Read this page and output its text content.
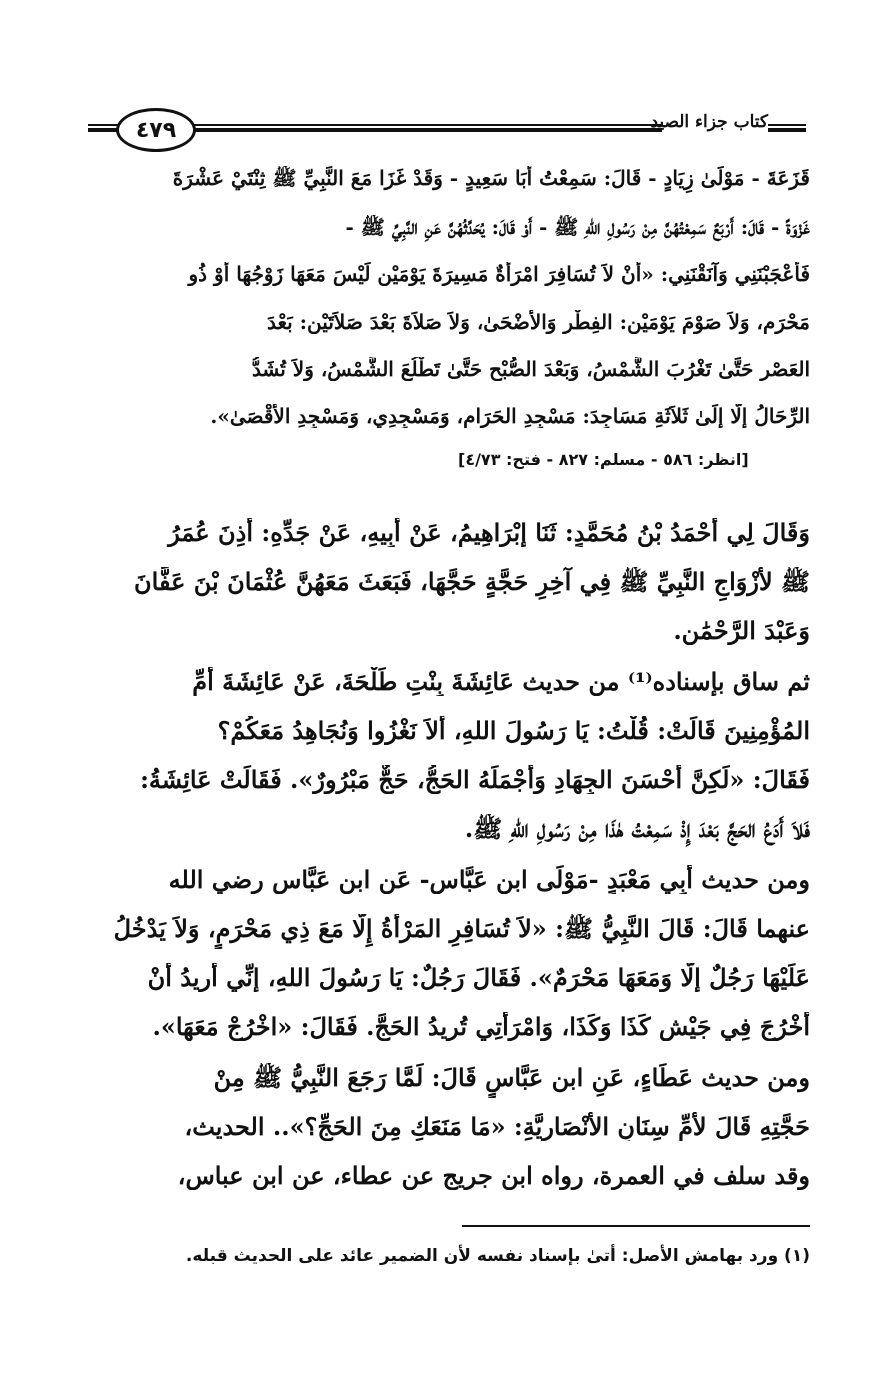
٤٧٩	كتاب جزاء الصيد
قَزَعَةَ - مَوْلَىٰ زِيَادٍ - قَالَ: سَمِعْتُ أَبَا سَعِيدٍ - وَقَدْ غَزَا مَعَ النَّبِيِّ ﷺ ثِنْتَيْ عَشْرَةَ
غَزْوَةً - قَالَ: أَرْبَعٌ سَمِعْتُهُنَّ مِنْ رَسُولِ اللهِ ﷺ - أَوْ قَالَ: يُحَدِّثُهُنَّ عَنِ النَّبِيِّ ﷺ -
فَأَعْجَبْنَنِي وَآنَقْنَنِي: «أَنْ لاَ تُسَافِرَ امْرَأَةٌ مَسِيرَةَ يَوْمَيْنِ لَيْسَ مَعَهَا زَوْجُهَا أَوْ ذُو
مَحْرَمٍ، وَلاَ صَوْمَ يَوْمَيْنِ: الفِطْرِ وَالأَضْحَىٰ، وَلاَ صَلاَةَ بَعْدَ صَلاَتَيْنِ: بَعْدَ
العَصْرِ حَتَّىٰ تَغْرُبَ الشَّمْسُ، وَبَعْدَ الصُّبْحِ حَتَّىٰ تَطْلُعَ الشَّمْسُ، وَلاَ تُشَدُّ
الرِّحَالُ إِلَّا إِلَىٰ ثَلاَثَةِ مَسَاجِدَ: مَسْجِدِ الحَرَامِ، وَمَسْجِدِي، وَمَسْجِدِ الأَقْصَىٰ».
[انظر: ٥٨٦ - مسلم: ٨٢٧ - فتح: ٤/٧٣]
وَقَالَ لِي أَحْمَدُ بْنُ مُحَمَّدٍ: ثَنَا إِبْرَاهِيمُ، عَنْ أَبِيهِ، عَنْ جَدِّهِ: أَذِنَ عُمَرُ
ﷺ لأَزْوَاجِ النَّبِيِّ ﷺ فِي آخِرِ حَجَّةٍ حَجَّهَا، فَبَعَثَ مَعَهُنَّ عُثْمَانَ بْنَ عَفَّانَ
وَعَبْدَ الرَّحْمَٰنِ.
ثم ساق بإسناده⁽¹⁾ من حديث عَائِشَةَ بِنْتِ طَلْحَةَ، عَنْ عَائِشَةَ أُمِّ
المُؤْمِنِينَ قَالَتْ: قُلْتُ: يَا رَسُولَ اللهِ، أَلاَ نَغْزُوا وَنُجَاهِدُ مَعَكُمْ؟
فَقَالَ: «لَكِنَّ أَحْسَنَ الجِهَادِ وَأَجْمَلَهُ الحَجُّ، حَجٌّ مَبْرُورٌ». فَقَالَتْ عَائِشَةُ:
فَلاَ أَدَعُ الحَجَّ بَعْدَ إِذْ سَمِعْتُ هٰذَا مِنْ رَسُولِ اللهِ ﷺ.
ومن حديث أَبِي مَعْبَدٍ -مَوْلَى ابن عَبَّاسٍ- عَنِ ابن عَبَّاسٍ رضي الله
عنهما قَالَ: قَالَ النَّبِيُّ ﷺ: «لاَ تُسَافِرِ المَرْأَةُ إِلَّا مَعَ ذِي مَحْرَمٍ، وَلاَ يَدْخُلُ
عَلَيْهَا رَجُلٌ إِلَّا وَمَعَهَا مَحْرَمٌ». فَقَالَ رَجُلٌ: يَا رَسُولَ اللهِ، إِنِّي أُرِيدُ أَنْ
أَخْرُجَ فِي جَيْشِ كَذَا وَكَذَا، وَامْرَأَتِي تُرِيدُ الحَجَّ. فَقَالَ: «اخْرُجْ مَعَهَا».
ومن حديث عَطَاءٍ، عَنِ ابن عَبَّاسٍ قَالَ: لَمَّا رَجَعَ النَّبِيُّ ﷺ مِنْ
حَجَّتِهِ قَالَ لأُمِّ سِنَانٍ الأَنْصَارِيَّةِ: «مَا مَنَعَكِ مِنَ الحَجِّ؟».. الحديث،
وقد سلف في العمرة، رواه ابن جريج عن عطاء، عن ابن عباس،
(١) ورد بهامش الأصل: أتىٰ بإسناد نفسه لأن الضمير عائد على الحديث قبله.
